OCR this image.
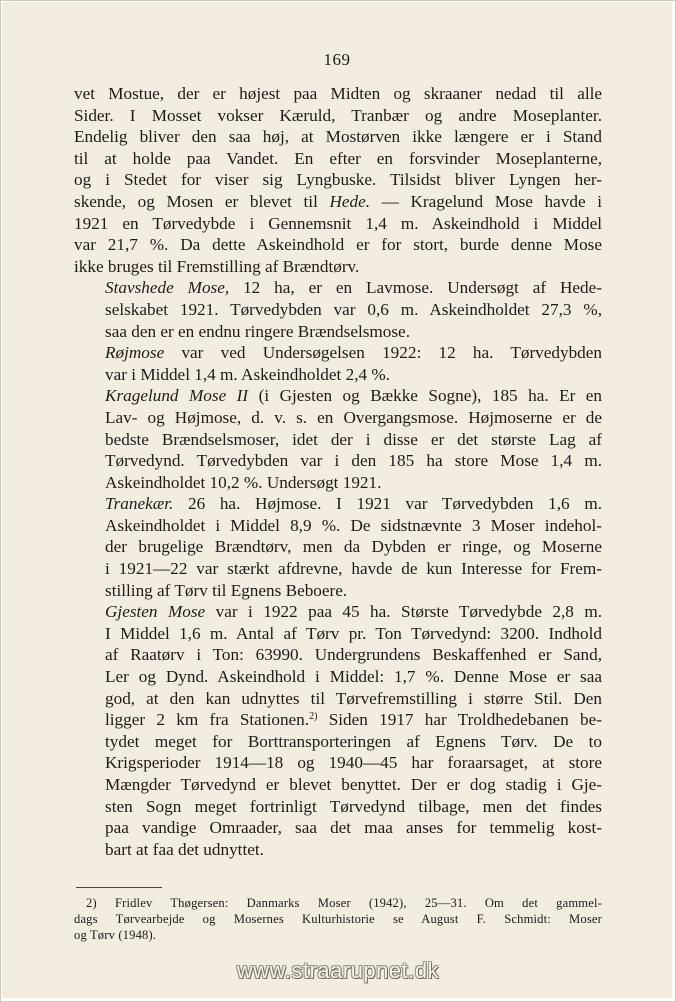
169

vet Mostue, der er højest paa Midten og skraaner nedad til alle
Sider. I Mosset vokser Kæruld, Tranbær og andre Moseplanter.
Endelig bliver den saa høj, at Mostørven ikke længere er i Stand
til at holde paa Vandet. En efter en forsvinder Moseplanterne,
og i Stedet for viser sig Lyngbuske. Tilsidst bliver Lyngen her-
skende, og Mosen er blevet til Hede. — Kragelund Mose havde i
1921 en Tørvedybde i Gennemsnit 1,4 m. Askeindhold i Middel
var 21,7 %. Da dette Askeindhold er for stort, burde denne Mose
ikke bruges til Fremstilling af Brændtørv.

Stavshede Mose, 12 ha, er en Lavmose. Undersøgt af Hede-
selskabet 1921. Tørvedybden var 0,6 m. Askeindholdet 27,3 %,
saa den er en endnu ringere Brændselsmose.

Røjmose var ved Undersøgelsen 1922: 12 ha. Tørvedybden
var i Middel 1,4 m. Askeindholdet 2,4 %.

Kragelund Mose II (i Gjesten og Bække Sogne), 185 ha. Er en
Lav- og Højmose, d. v. s. en Overgangsmose. Højmoserne er de
bedste Brændselsmoser, idet der i disse er det største Lag af
Tørvedynd. Tørvedybden var i den 185 ha store Mose 1,4 m.
Askeindholdet 10,2 %. Undersøgt 1921.

Tranekær. 26 ha. Højmose. I 1921 var Tørvedybden 1,6 m.
Askeindholdet i Middel 8,9 %. De sidstnævnte 3 Moser indehol-
der brugelige Brændtørv, men da Dybden er ringe, og Moserne
i 1921—22 var stærkt afdrevne, havde de kun Interesse for Frem-
stilling af Tørv til Egnens Beboere.

Gjesten Mose var i 1922 paa 45 ha. Største Tørvedybde 2,8 m.
I Middel 1,6 m. Antal af Tørv pr. Ton Tørvedynd: 3200. Indhold
af Raatørv i Ton: 63990. Undergrundens Beskaffenhed er Sand,
Ler og Dynd. Askeindhold i Middel: 1,7 %. Denne Mose er saa
god, at den kan udnyttes til Tørvefremstilling i større Stil. Den
ligger 2 km fra Stationen.$^{2)}$ Siden 1917 har Troldhedebanen be-
tydet meget for Borttransporteringen af Egnens Tørv. De to
Krigsperioder 1914—18 og 1940—45 har foraarsaget, at store
Mængder Tørvedynd er blevet benyttet. Der er dog stadig i Gje-
sten Sogn meget fortrinligt Tørvedynd tilbage, men det findes
paa vandige Omraader, saa det maa anses for temmelig kost-
bart at faa det udnyttet.

2) Fridlev Thøgersen: Danmarks Moser (1942), 25—31. Om det gammel-
dags Tørvearbejde og Mosernes Kulturhistorie se August F. Schmidt: Moser
og Tørv (1948).
www.straarupnet.dk
